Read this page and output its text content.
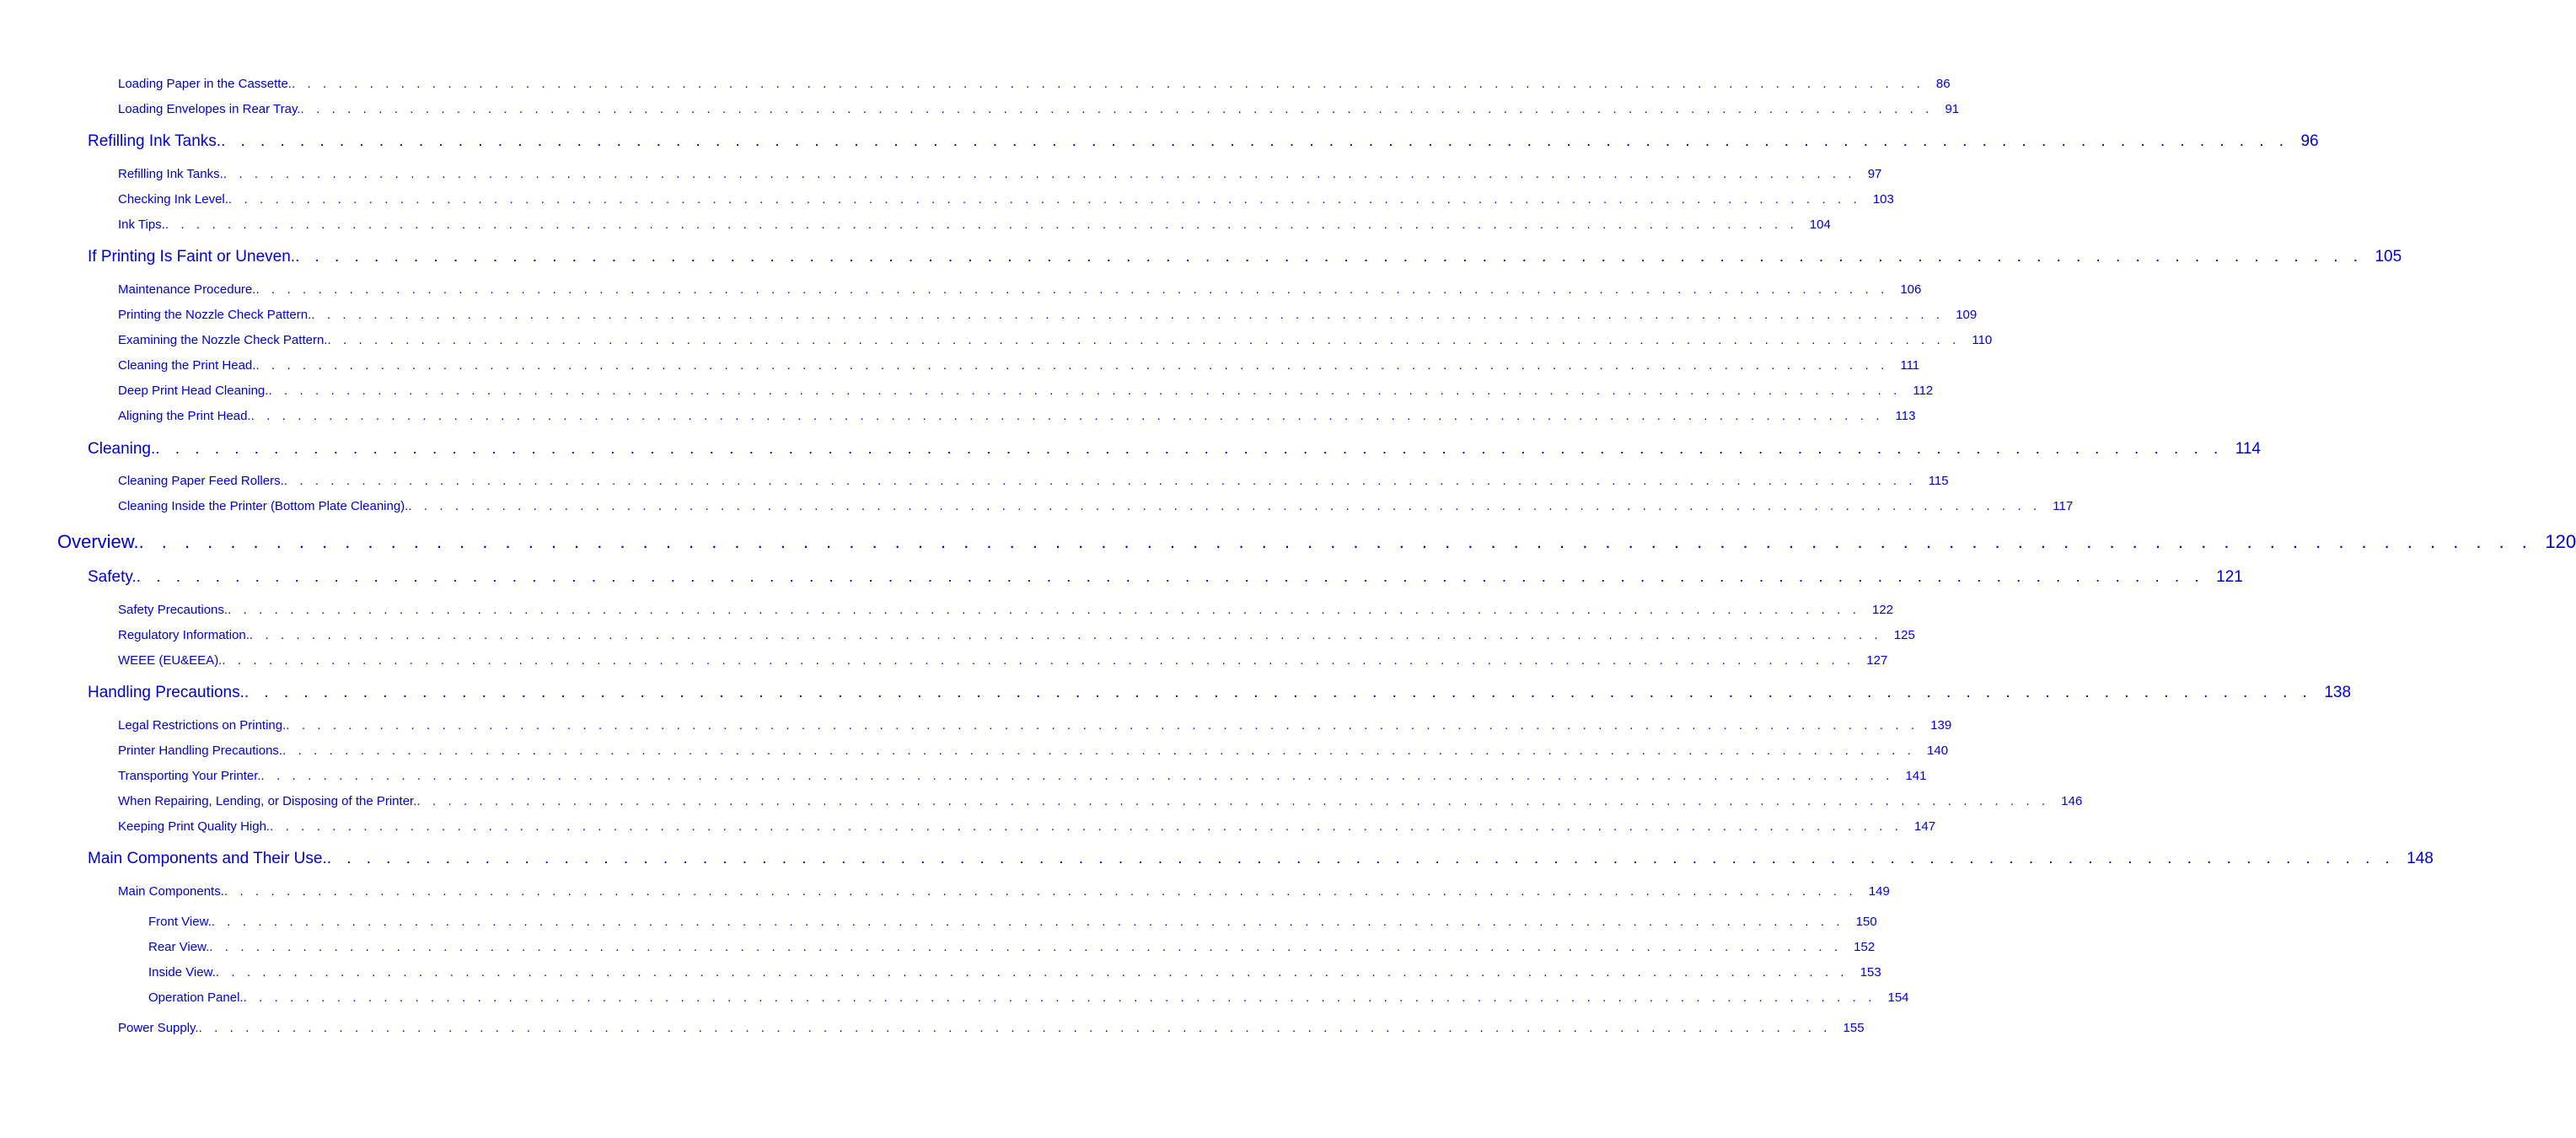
Loading Paper in the Cassette. . . . . . . . . . . . . . . . . . . . . . . . . . . . . . . . . . . . . . . . . . . . . . . . . . . . . . . . . . . . . . . . . . . . . . . . . . . . . . . . . . . . . . . . . . . . . . . . . . . . . . . . . . 86
Loading Envelopes in Rear Tray. . . . . . . . . . . . . . . . . . . . . . . . . . . . . . . . . . . . . . . . . . . . . . . . . . . . . . . . . . . . . . . . . . . . . . . . . . . . . . . . . . . . . . . . . . . . . . . . . . . . . . . . . . 91
Refilling Ink Tanks. . . . . . . . . . . . . . . . . . . . . . . . . . . . . . . . . . . . . . . . . . . . . . . . . . . . . . . . . . . . . . . . . . . . . . . . . . . . . . . . . . . . . . . . . . . . . . . . . . . . . . . . . . 96
Refilling Ink Tanks. . . . . . . . . . . . . . . . . . . . . . . . . . . . . . . . . . . . . . . . . . . . . . . . . . . . . . . . . . . . . . . . . . . . . . . . . . . . . . . . . . . . . . . . . . . . . . . . . . . . . . . . . . 97
Checking Ink Level. . . . . . . . . . . . . . . . . . . . . . . . . . . . . . . . . . . . . . . . . . . . . . . . . . . . . . . . . . . . . . . . . . . . . . . . . . . . . . . . . . . . . . . . . . . . . . . . . . . . . . . . . . 103
Ink Tips. . . . . . . . . . . . . . . . . . . . . . . . . . . . . . . . . . . . . . . . . . . . . . . . . . . . . . . . . . . . . . . . . . . . . . . . . . . . . . . . . . . . . . . . . . . . . . . . . . . . . . . . . . 104
If Printing Is Faint or Uneven. . . . . . . . . . . . . . . . . . . . . . . . . . . . . . . . . . . . . . . . . . . . . . . . . . . . . . . . . . . . . . . . . . . . . . . . . . . . . . . . . . . . . . . . . . . . . . . . . . . . . . . . . . 105
Maintenance Procedure. . . . . . . . . . . . . . . . . . . . . . . . . . . . . . . . . . . . . . . . . . . . . . . . . . . . . . . . . . . . . . . . . . . . . . . . . . . . . . . . . . . . . . . . . . . . . . . . . . . . . . . . . . 106
Printing the Nozzle Check Pattern. . . . . . . . . . . . . . . . . . . . . . . . . . . . . . . . . . . . . . . . . . . . . . . . . . . . . . . . . . . . . . . . . . . . . . . . . . . . . . . . . . . . . . . . . . . . . . . . . . . . . . . . . . 109
Examining the Nozzle Check Pattern. . . . . . . . . . . . . . . . . . . . . . . . . . . . . . . . . . . . . . . . . . . . . . . . . . . . . . . . . . . . . . . . . . . . . . . . . . . . . . . . . . . . . . . . . . . . . . . . . . . . . . . . . . 110
Cleaning the Print Head. . . . . . . . . . . . . . . . . . . . . . . . . . . . . . . . . . . . . . . . . . . . . . . . . . . . . . . . . . . . . . . . . . . . . . . . . . . . . . . . . . . . . . . . . . . . . . . . . . . . . . . . . . 111
Deep Print Head Cleaning. . . . . . . . . . . . . . . . . . . . . . . . . . . . . . . . . . . . . . . . . . . . . . . . . . . . . . . . . . . . . . . . . . . . . . . . . . . . . . . . . . . . . . . . . . . . . . . . . . . . . . . . . . 112
Aligning the Print Head. . . . . . . . . . . . . . . . . . . . . . . . . . . . . . . . . . . . . . . . . . . . . . . . . . . . . . . . . . . . . . . . . . . . . . . . . . . . . . . . . . . . . . . . . . . . . . . . . . . . . . . . . . 113
Cleaning. . . . . . . . . . . . . . . . . . . . . . . . . . . . . . . . . . . . . . . . . . . . . . . . . . . . . . . . . . . . . . . . . . . . . . . . . . . . . . . . . . . . . . . . . . . . . . . . . . . . . . . . . . 114
Cleaning Paper Feed Rollers. . . . . . . . . . . . . . . . . . . . . . . . . . . . . . . . . . . . . . . . . . . . . . . . . . . . . . . . . . . . . . . . . . . . . . . . . . . . . . . . . . . . . . . . . . . . . . . . . . . . . . . . . . 115
Cleaning Inside the Printer (Bottom Plate Cleaning). . . . . . . . . . . . . . . . . . . . . . . . . . . . . . . . . . . . . . . . . . . . . . . . . . . . . . . . . . . . . . . . . . . . . . . . . . . . . . . . . . . . . . . . . . . . . . . . . . . . . . . . . . 117
Overview. . . . . . . . . . . . . . . . . . . . . . . . . . . . . . . . . . . . . . . . . . . . . . . . . . . . . . . . . . . . . . . . . . . . . . . . . . . . . . . . . . . . . . . . . . . . . . . . . . . . . . . . . . 120
Safety. . . . . . . . . . . . . . . . . . . . . . . . . . . . . . . . . . . . . . . . . . . . . . . . . . . . . . . . . . . . . . . . . . . . . . . . . . . . . . . . . . . . . . . . . . . . . . . . . . . . . . . . . . 121
Safety Precautions. . . . . . . . . . . . . . . . . . . . . . . . . . . . . . . . . . . . . . . . . . . . . . . . . . . . . . . . . . . . . . . . . . . . . . . . . . . . . . . . . . . . . . . . . . . . . . . . . . . . . . . . . . 122
Regulatory Information. . . . . . . . . . . . . . . . . . . . . . . . . . . . . . . . . . . . . . . . . . . . . . . . . . . . . . . . . . . . . . . . . . . . . . . . . . . . . . . . . . . . . . . . . . . . . . . . . . . . . . . . . . 125
WEEE (EU&EEA). . . . . . . . . . . . . . . . . . . . . . . . . . . . . . . . . . . . . . . . . . . . . . . . . . . . . . . . . . . . . . . . . . . . . . . . . . . . . . . . . . . . . . . . . . . . . . . . . . . . . . . . . . 127
Handling Precautions. . . . . . . . . . . . . . . . . . . . . . . . . . . . . . . . . . . . . . . . . . . . . . . . . . . . . . . . . . . . . . . . . . . . . . . . . . . . . . . . . . . . . . . . . . . . . . . . . . . . . . . . . . 138
Legal Restrictions on Printing. . . . . . . . . . . . . . . . . . . . . . . . . . . . . . . . . . . . . . . . . . . . . . . . . . . . . . . . . . . . . . . . . . . . . . . . . . . . . . . . . . . . . . . . . . . . . . . . . . . . . . . . . . 139
Printer Handling Precautions. . . . . . . . . . . . . . . . . . . . . . . . . . . . . . . . . . . . . . . . . . . . . . . . . . . . . . . . . . . . . . . . . . . . . . . . . . . . . . . . . . . . . . . . . . . . . . . . . . . . . . . . . . 140
Transporting Your Printer. . . . . . . . . . . . . . . . . . . . . . . . . . . . . . . . . . . . . . . . . . . . . . . . . . . . . . . . . . . . . . . . . . . . . . . . . . . . . . . . . . . . . . . . . . . . . . . . . . . . . . . . . . 141
When Repairing, Lending, or Disposing of the Printer. . . . . . . . . . . . . . . . . . . . . . . . . . . . . . . . . . . . . . . . . . . . . . . . . . . . . . . . . . . . . . . . . . . . . . . . . . . . . . . . . . . . . . . . . . . . . . . . . . . . . . . . . . 146
Keeping Print Quality High. . . . . . . . . . . . . . . . . . . . . . . . . . . . . . . . . . . . . . . . . . . . . . . . . . . . . . . . . . . . . . . . . . . . . . . . . . . . . . . . . . . . . . . . . . . . . . . . . . . . . . . . . . 147
Main Components and Their Use. . . . . . . . . . . . . . . . . . . . . . . . . . . . . . . . . . . . . . . . . . . . . . . . . . . . . . . . . . . . . . . . . . . . . . . . . . . . . . . . . . . . . . . . . . . . . . . . . . . . . . . . . . 148
Main Components. . . . . . . . . . . . . . . . . . . . . . . . . . . . . . . . . . . . . . . . . . . . . . . . . . . . . . . . . . . . . . . . . . . . . . . . . . . . . . . . . . . . . . . . . . . . . . . . . . . . . . . . . . 149
Front View. . . . . . . . . . . . . . . . . . . . . . . . . . . . . . . . . . . . . . . . . . . . . . . . . . . . . . . . . . . . . . . . . . . . . . . . . . . . . . . . . . . . . . . . . . . . . . . . . . . . . . . . . . 150
Rear View. . . . . . . . . . . . . . . . . . . . . . . . . . . . . . . . . . . . . . . . . . . . . . . . . . . . . . . . . . . . . . . . . . . . . . . . . . . . . . . . . . . . . . . . . . . . . . . . . . . . . . . . . . 152
Inside View. . . . . . . . . . . . . . . . . . . . . . . . . . . . . . . . . . . . . . . . . . . . . . . . . . . . . . . . . . . . . . . . . . . . . . . . . . . . . . . . . . . . . . . . . . . . . . . . . . . . . . . . . . 153
Operation Panel. . . . . . . . . . . . . . . . . . . . . . . . . . . . . . . . . . . . . . . . . . . . . . . . . . . . . . . . . . . . . . . . . . . . . . . . . . . . . . . . . . . . . . . . . . . . . . . . . . . . . . . . . . 154
Power Supply. . . . . . . . . . . . . . . . . . . . . . . . . . . . . . . . . . . . . . . . . . . . . . . . . . . . . . . . . . . . . . . . . . . . . . . . . . . . . . . . . . . . . . . . . . . . . . . . . . . . . . . . . . 155
